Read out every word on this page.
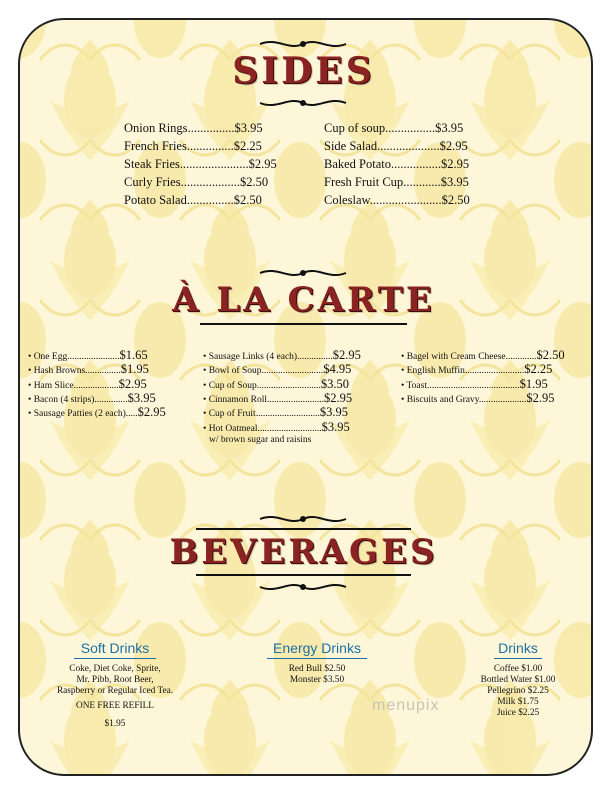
SIDES
Onion Rings...............$3.95
French Fries...............$2.25
Steak Fries......................$2.95
Curly Fries...................$2.50
Potato Salad...............$2.50
Cup of soup................$3.95
Side Salad....................$2.95
Baked Potato................$2.95
Fresh Fruit Cup............$3.95
Coleslaw.......................$2.50
À LA CARTE
• One Egg......................$1.65
• Hash Browns...............$1.95
• Ham Slice...................$2.95
• Bacon (4 strips)..............$3.95
• Sausage Patties (2 each).....$2.95
• Sausage Links (4 each)...............$2.95
• Bowl of Soup..........................$4.95
• Cup of Soup...........................$3.50
• Cinnamon Roll........................$2.95
• Cup of Fruit...........................$3.95
• Hot Oatmeal...........................$3.95
w/ brown sugar and raisins
• Bagel with Cream Cheese.............$2.50
• English Muffin.........................$2.25
• Toast.......................................$1.95
• Biscuits and Gravy....................$2.95
BEVERAGES
Soft Drinks
Coke, Diet Coke, Sprite,
Mr. Pibb, Root Beer,
Raspberry or Regular Iced Tea.
ONE FREE REFILL
$1.95
Energy Drinks
Red Bull $2.50
Monster $3.50
Drinks
Coffee $1.00
Bottled Water $1.00
Pellegrino $2.25
Milk $1.75
Juice $2.25
menupix
